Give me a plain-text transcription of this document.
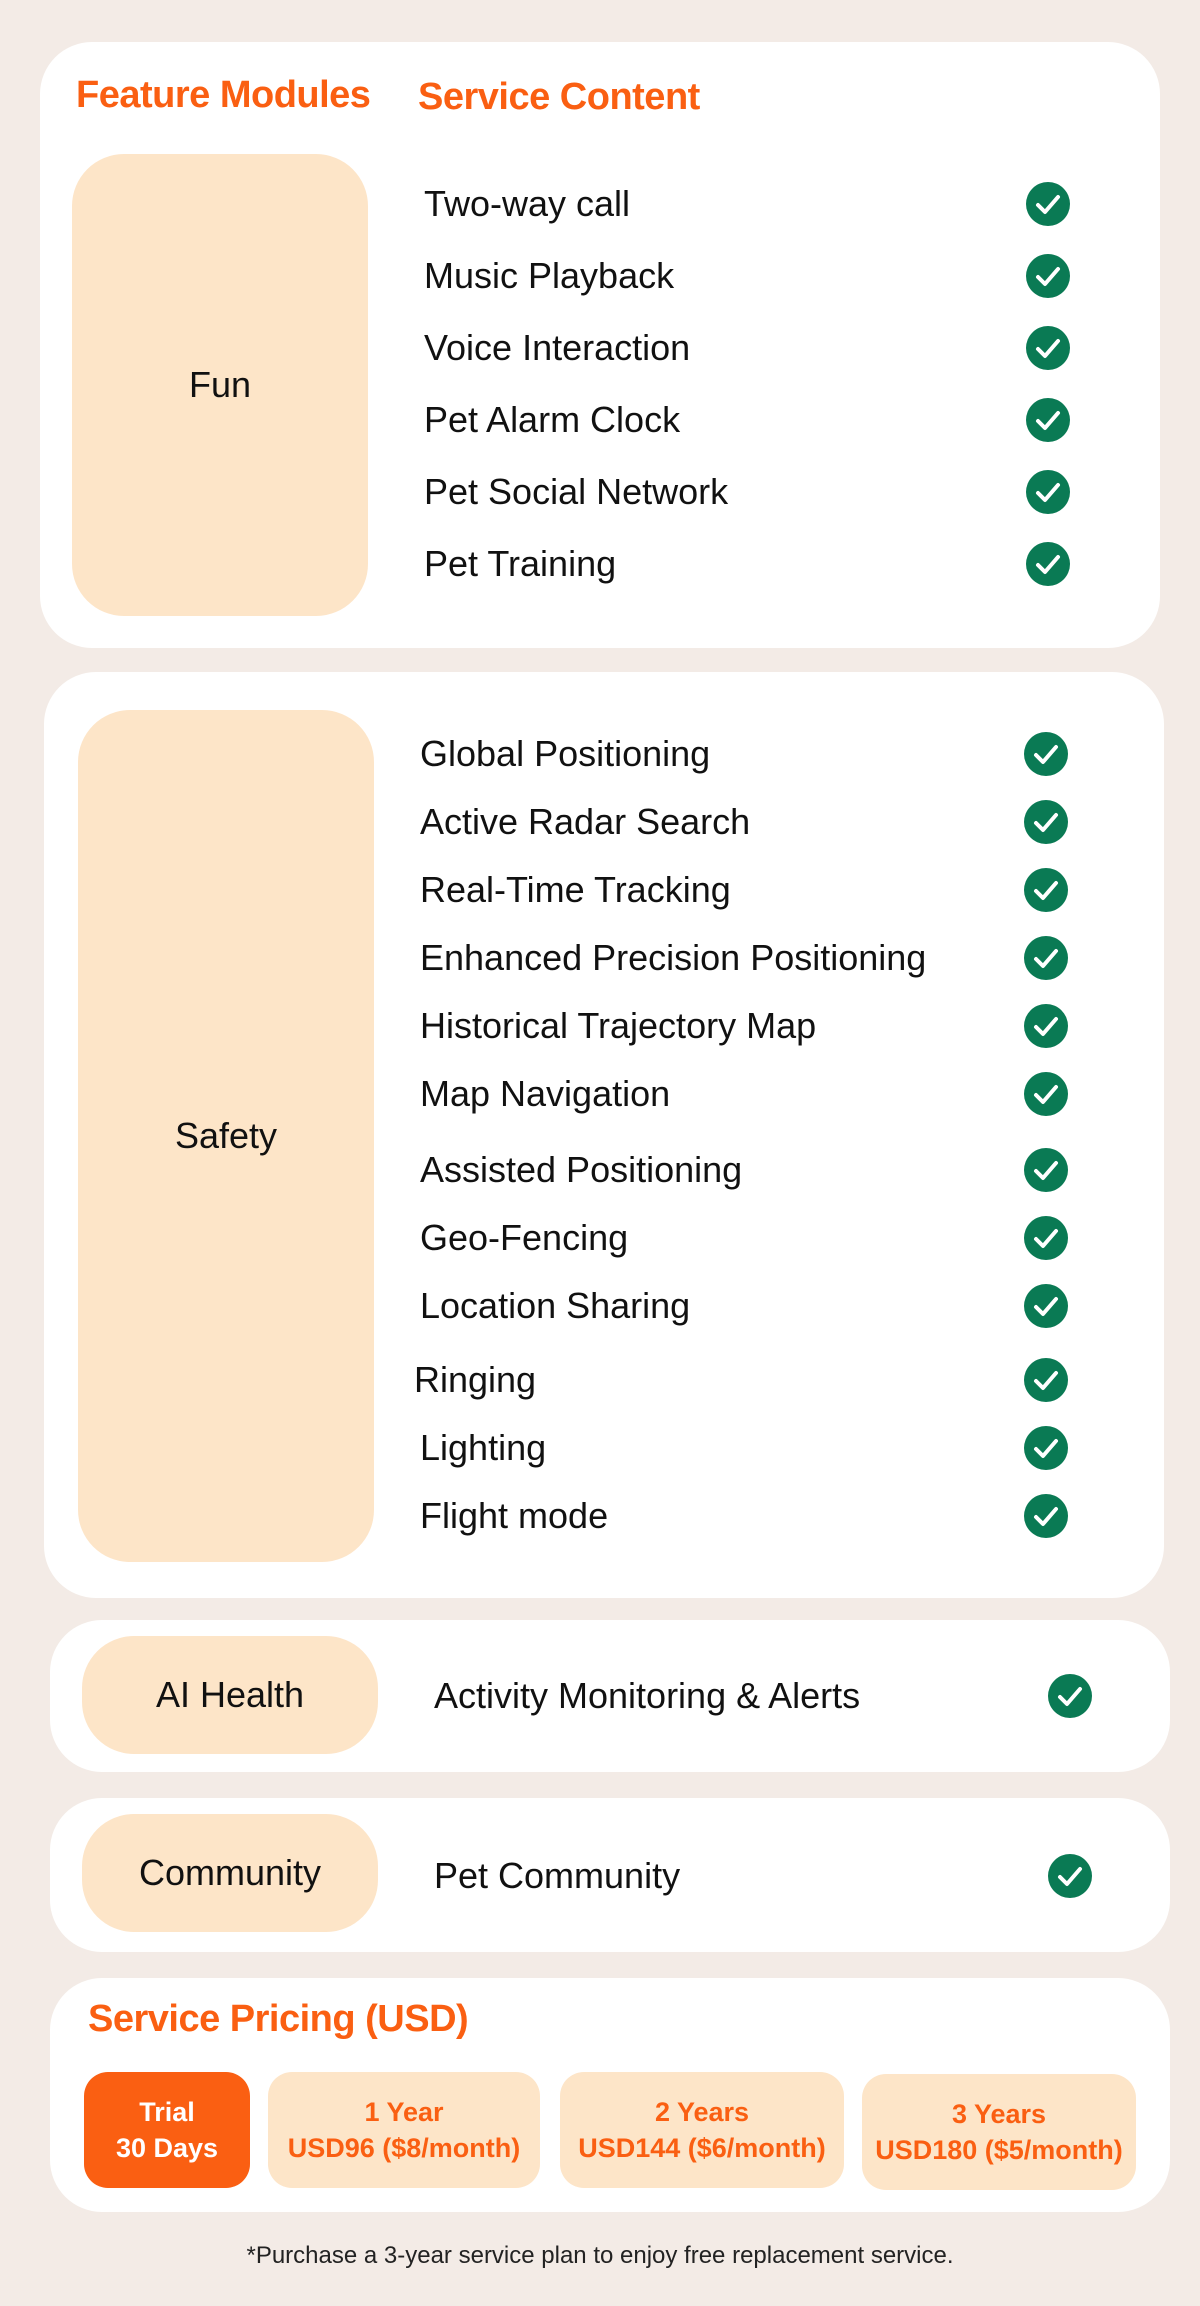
Feature Modules Service Content
Fun
Two-way call
Music Playback
Voice Interaction
Pet Alarm Clock
Pet Social Network
Pet Training
Safety
Global Positioning
Active Radar Search
Real-Time Tracking
Enhanced Precision Positioning
Historical Trajectory Map
Map Navigation
Assisted Positioning
Geo-Fencing
Location Sharing
Ringing
Lighting
Flight mode
AI Health	Activity Monitoring & Alerts
Community	Pet Community
Service Pricing (USD)
Trial
30 Days
1 Year
USD96 ($8/month)
2 Years
USD144 ($6/month)
3 Years
USD180 ($5/month)
*Purchase a 3-year service plan to enjoy free replacement service.
